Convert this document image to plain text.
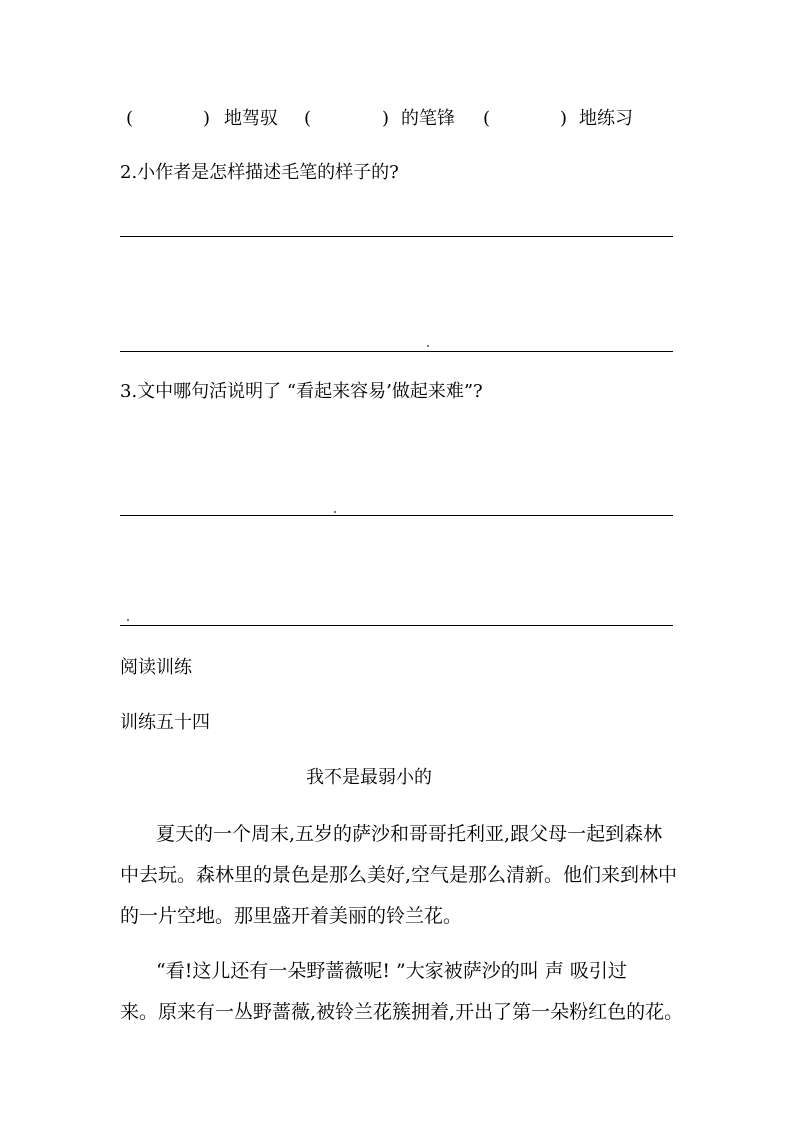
(	) 地驾驭 (	) 的笔锋 (	) 地练习
2.小作者是怎样描述毛笔的样子的?
3.文中哪句活说明了 “看起来容易’做起来难”?
阅读训练
训练五十四
我不是最弱小的
夏天的一个周末,五岁的萨沙和哥哥托利亚,跟父母一起到森林
中去玩。森林里的景色是那么美好,空气是那么清新。他们来到林中
的一片空地。那里盛开着美丽的铃兰花。
“看!这儿还有一朵野蔷薇呢! ”大家被萨沙的叫 声 吸引过
来。原来有一丛野蔷薇,被铃兰花簇拥着,开出了第一朵粉红色的花。
